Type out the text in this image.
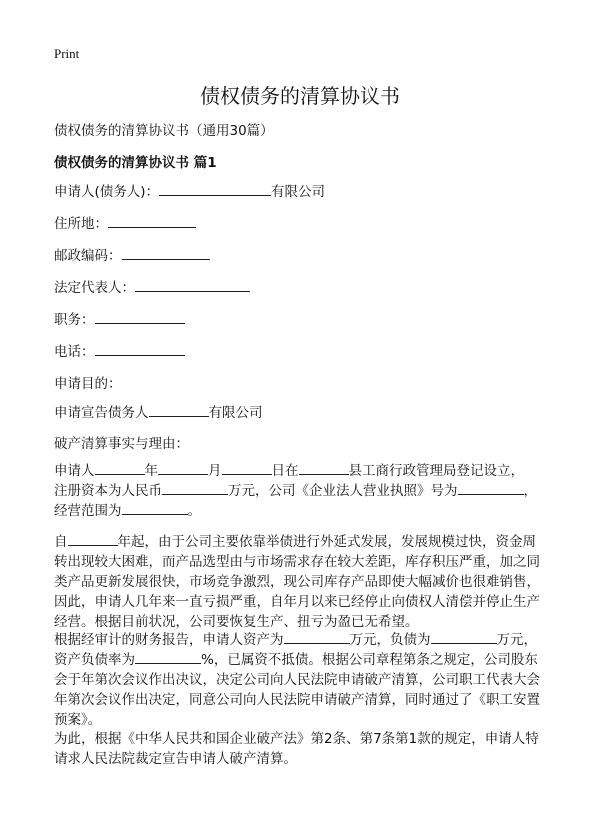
Print
债权债务的清算协议书
债权债务的清算协议书（通用30篇）
债权债务的清算协议书 篇1
申请人(债务人)：	有限公司
住所地：
邮政编码：
法定代表人：
职务：
电话：
申请目的：
申请宣告债务人	有限公司
破产清算事实与理由：
申请人	年	月	日在	县工商行政管理局登记设立，
注册资本为人民币	万元，公司《企业法人营业执照》号为	，
经营范围为	。
自	年起，由于公司主要依靠举债进行外延式发展，发展规模过快，资金周
转出现较大困难，而产品选型由与市场需求存在较大差距，库存积压严重，加之同
类产品更新发展很快，市场竞争激烈，现公司库存产品即使大幅减价也很难销售，
因此，申请人几年来一直亏损严重，自年月以来已经停止向债权人清偿并停止生产
经营。根据目前状况，公司要恢复生产、扭亏为盈已无希望。
根据经审计的财务报告，申请人资产为	万元，负债为	万元，
资产负债率为	%，已属资不抵债。根据公司章程第条之规定，公司股东
会于年第次会议作出决议，决定公司向人民法院申请破产清算，公司职工代表大会
年第次会议作出决定，同意公司向人民法院申请破产清算，同时通过了《职工安置
预案》。
为此，根据《中华人民共和国企业破产法》第2条、第7条第1款的规定，申请人特
请求人民法院裁定宣告申请人破产清算。
